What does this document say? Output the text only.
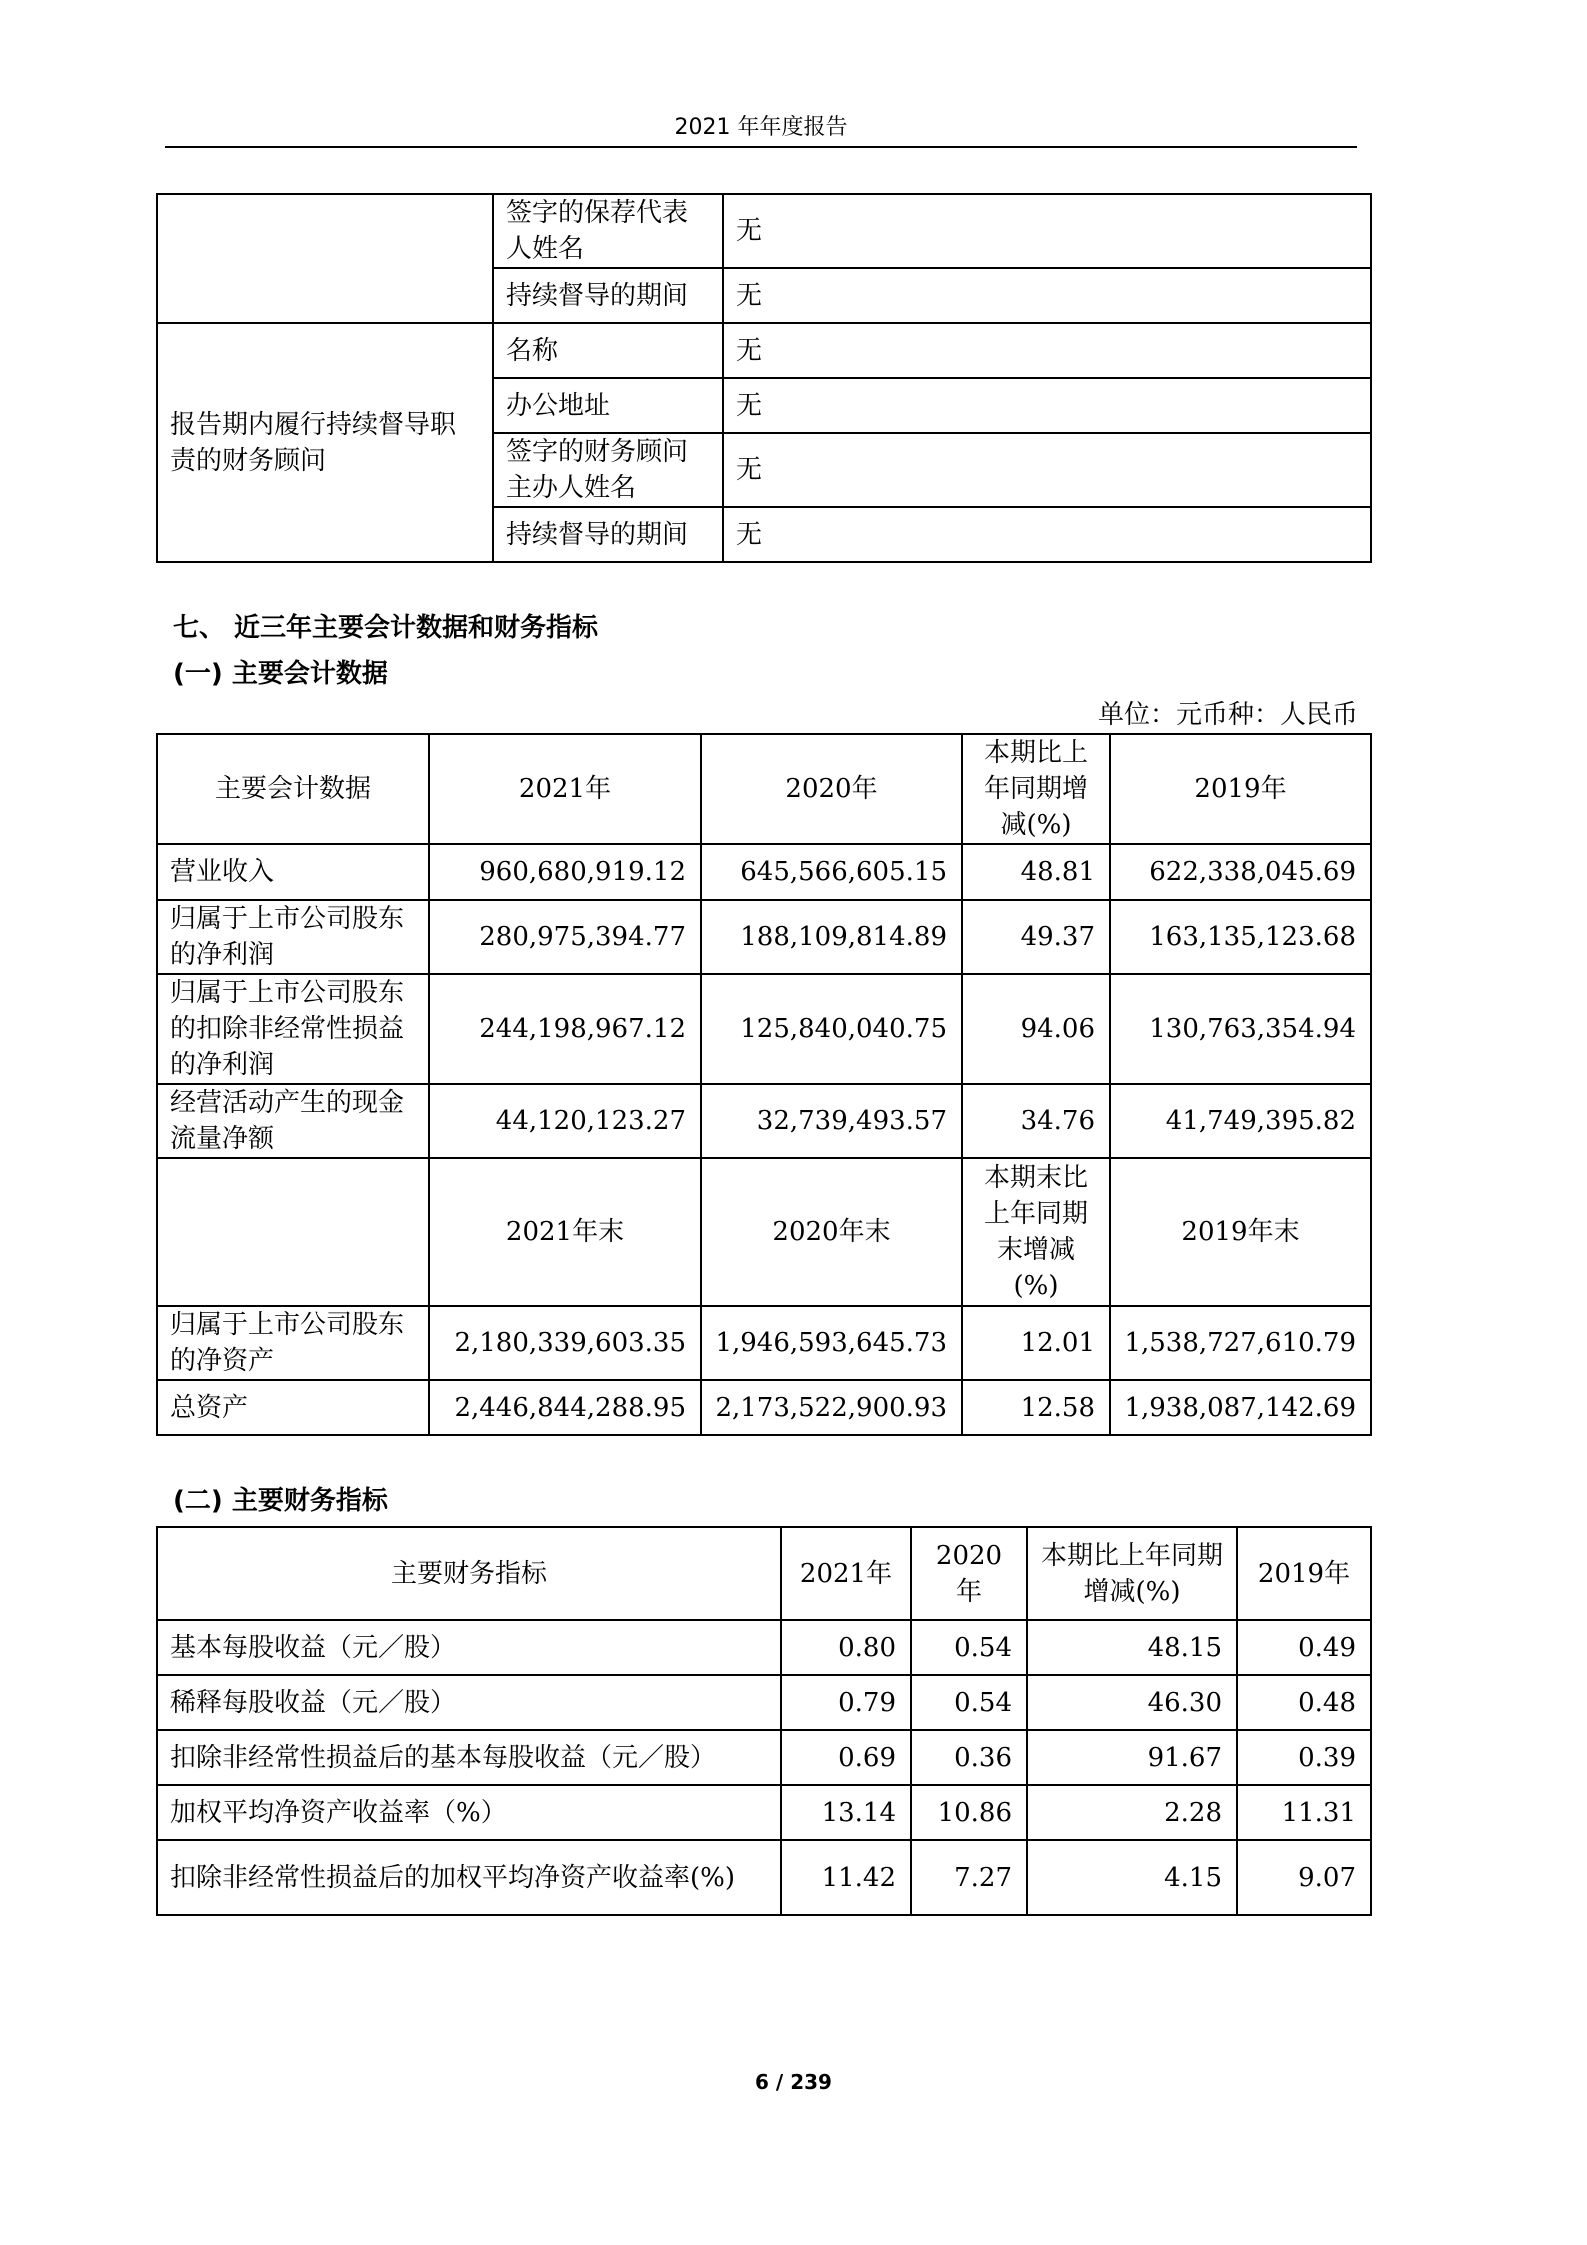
2021 年年度报告
	签字的保荐代表人姓名	无
	持续督导的期间	无
报告期内履行持续督导职责的财务顾问	名称	无
	办公地址	无
	签字的财务顾问主办人姓名	无
	持续督导的期间	无
七、 近三年主要会计数据和财务指标
(一) 主要会计数据
单位：元币种：人民币
主要会计数据	2021年	2020年	本期比上年同期增减(%)	2019年
营业收入	960,680,919.12	645,566,605.15	48.81	622,338,045.69
归属于上市公司股东的净利润	280,975,394.77	188,109,814.89	49.37	163,135,123.68
归属于上市公司股东的扣除非经常性损益的净利润	244,198,967.12	125,840,040.75	94.06	130,763,354.94
经营活动产生的现金流量净额	44,120,123.27	32,739,493.57	34.76	41,749,395.82
	2021年末	2020年末	本期末比上年同期末增减(%)	2019年末
归属于上市公司股东的净资产	2,180,339,603.35	1,946,593,645.73	12.01	1,538,727,610.79
总资产	2,446,844,288.95	2,173,522,900.93	12.58	1,938,087,142.69
(二) 主要财务指标
主要财务指标	2021年	2020年	本期比上年同期增减(%)	2019年
基本每股收益（元／股）	0.80	0.54	48.15	0.49
稀释每股收益（元／股）	0.79	0.54	46.30	0.48
扣除非经常性损益后的基本每股收益（元／股）	0.69	0.36	91.67	0.39
加权平均净资产收益率（%）	13.14	10.86	2.28	11.31
扣除非经常性损益后的加权平均净资产收益率(%)	11.42	7.27	4.15	9.07
6 / 239
